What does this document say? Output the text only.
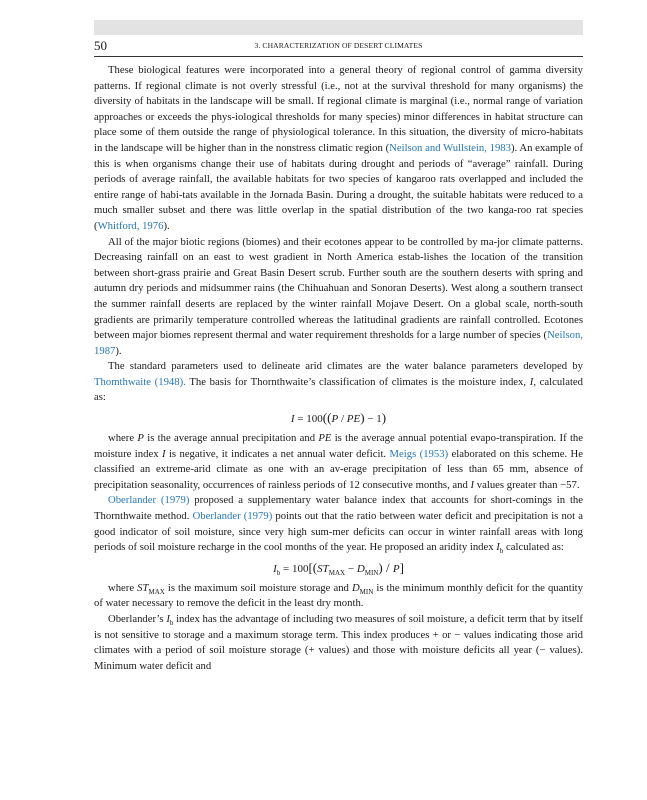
50	3. CHARACTERIZATION OF DESERT CLIMATES

These biological features were incorporated into a general theory of regional control of gamma diversity patterns. If regional climate is not overly stressful (i.e., not at the survival threshold for many organisms) the diversity of habitats in the landscape will be small. If regional climate is marginal (i.e., normal range of variation approaches or exceeds the phys-iological thresholds for many species) minor differences in habitat structure can place some of them outside the range of physiological tolerance. In this situation, the diversity of micro-habitats in the landscape will be higher than in the nonstress climatic region (Neilson and Wullstein, 1983). An example of this is when organisms change their use of habitats during drought and periods of “average” rainfall. During periods of average rainfall, the available habitats for two species of kangaroo rats overlapped and included the entire range of habi-tats available in the Jornada Basin. During a drought, the suitable habitats were reduced to a much smaller subset and there was little overlap in the spatial distribution of the two kanga-roo rat species (Whitford, 1976).

All of the major biotic regions (biomes) and their ecotones appear to be controlled by ma-jor climate patterns. Decreasing rainfall on an east to west gradient in North America estab-lishes the location of the transition between short-grass prairie and Great Basin Desert scrub. Further south are the southern deserts with spring and autumn dry periods and midsummer rains (the Chihuahuan and Sonoran Deserts). West along a southern transect the summer rainfall deserts are replaced by the winter rainfall Mojave Desert. On a global scale, north-south gradients are primarily temperature controlled whereas the latitudinal gradients are rainfall controlled. Ecotones between major biomes represent thermal and water requirement thresholds for a large number of species (Neilson, 1987).

The standard parameters used to delineate arid climates are the water balance parameters developed by Thomthwaite (1948). The basis for Thornthwaite’s classification of climates is the moisture index, I, calculated as:

I = 100((P / PE) − 1)

where P is the average annual precipitation and PE is the average annual potential evapo-transpiration. If the moisture index I is negative, it indicates a net annual water deficit. Meigs (1953) elaborated on this scheme. He classified an extreme-arid climate as one with an av-erage precipitation of less than 65 mm, absence of precipitation seasonality, occurrences of rainless periods of 12 consecutive months, and I values greater than −57.

Oberlander (1979) proposed a supplementary water balance index that accounts for short-comings in the Thornthwaite method. Oberlander (1979) points out that the ratio between water deficit and precipitation is not a good indicator of soil moisture, since very high sum-mer deficits can occur in winter rainfall areas with long periods of soil moisture recharge in the cool months of the year. He proposed an aridity index $I_b$ calculated as:

$I_b = 100[(ST_{MAX} - D_{MIN}) / P]$

where $ST_{MAX}$ is the maximum soil moisture storage and $D_{MIN}$ is the minimum monthly deficit for the quantity of water necessary to remove the deficit in the least dry month.

Oberlander’s $I_b$ index has the advantage of including two measures of soil moisture, a deficit term that by itself is not sensitive to storage and a maximum storage term. This index produces + or − values indicating those arid climates with a period of soil moisture storage (+ values) and those with moisture deficits all year (− values). Minimum water deficit and
